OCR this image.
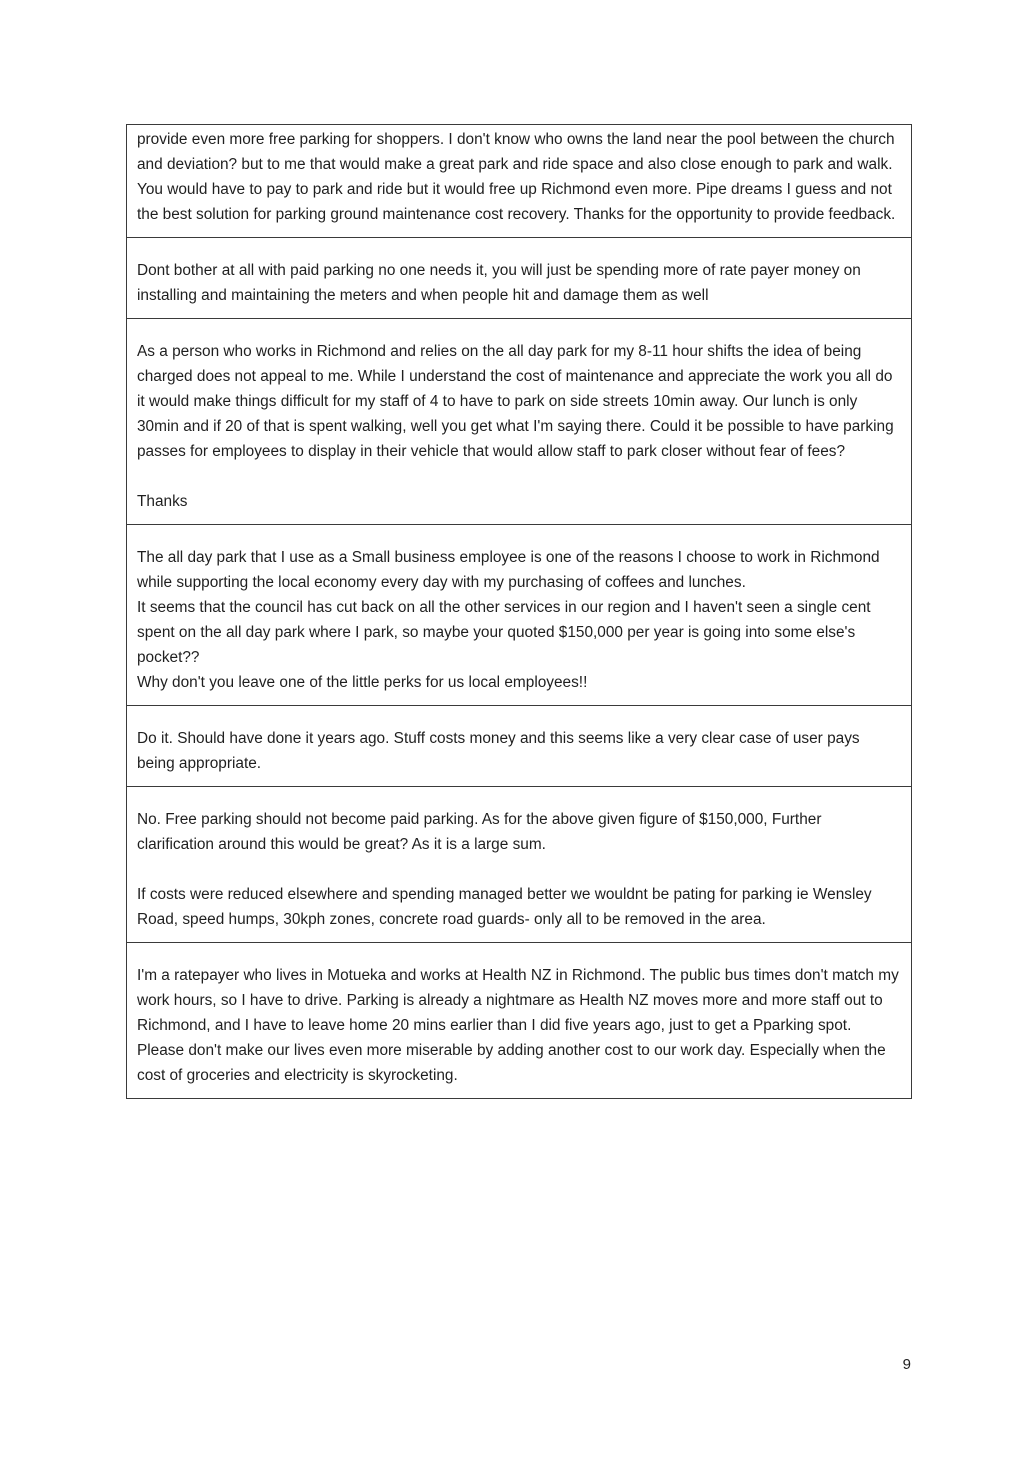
provide even more free parking for shoppers. I don't know who owns the land near the pool between the church and deviation? but to me that would make a great park and ride space and also close enough to park and walk. You would have to pay to park and ride but it would free up Richmond even more. Pipe dreams I guess and not the best solution for parking ground maintenance cost recovery. Thanks for the opportunity to provide feedback.

Dont bother at all with paid parking no one needs it, you will just be spending more of rate payer money on installing and maintaining the meters and when people hit and damage them as well

As a person who works in Richmond and relies on the all day park for my 8-11 hour shifts the idea of being charged does not appeal to me. While I understand the cost of maintenance and appreciate the work you all do it would make things difficult for my staff of 4 to have to park on side streets 10min away. Our lunch is only 30min and if 20 of that is spent walking, well you get what I'm saying there. Could it be possible to have parking passes for employees to display in their vehicle that would allow staff to park closer without fear of fees?

Thanks

The all day park that I use as a Small business employee is one of the reasons I choose to work in Richmond while supporting the local economy every day with my purchasing of coffees and lunches.
It seems that the council has cut back on all the other services in our region and I haven't seen a single cent spent on the all day park where I park, so maybe your quoted $150,000 per year is going into some else's pocket??
Why don't you leave one of the little perks for us local employees!!

Do it. Should have done it years ago. Stuff costs money and this seems like a very clear case of user pays being appropriate.

No. Free parking should not become paid parking. As for the above given figure of $150,000, Further clarification around this would be great? As it is a large sum.

If costs were reduced elsewhere and spending managed better we wouldnt be pating for parking ie Wensley Road, speed humps, 30kph zones, concrete road guards- only all to be removed in the area.

I'm a ratepayer who lives in Motueka and works at Health NZ in Richmond. The public bus times don't match my work hours, so I have to drive. Parking is already a nightmare as Health NZ moves more and more staff out to Richmond, and I have to leave home 20 mins earlier than I did five years ago, just to get a Pparking spot. Please don't make our lives even more miserable by adding another cost to our work day. Especially when the cost of groceries and electricity is skyrocketing.

9
